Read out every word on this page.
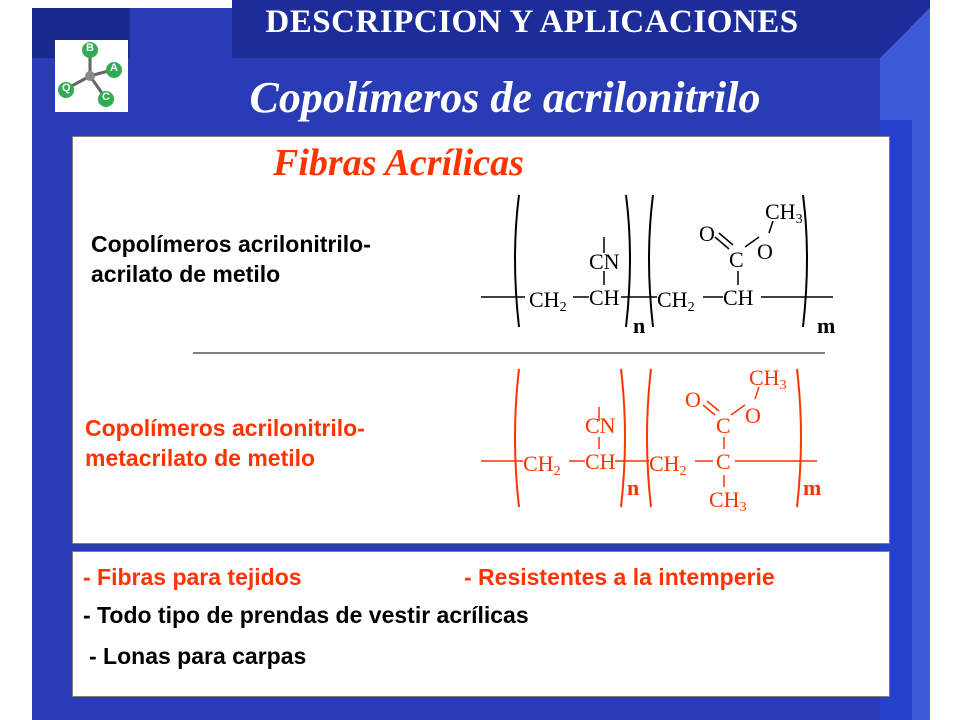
B
A
C
Q
DESCRIPCION Y APLICACIONES
Copolímeros de acrilonitrilo
Fibras Acrílicas
Copolímeros acrilonitrilo-
acrilato de metilo
$CH_2$ CH
CN
$CH_2$ CH
C
O
O
$CH_3$
n	m
Copolímeros acrilonitrilo-
metacrilato de metilo	$CH_2$ CH
CN
$CH_2$ C
C
O
O
$CH_3$
$CH_3$
n	m
- Fibras para tejidos	- Resistentes a la intemperie
- Todo tipo de prendas de vestir acrílicas
- Lonas para carpas
